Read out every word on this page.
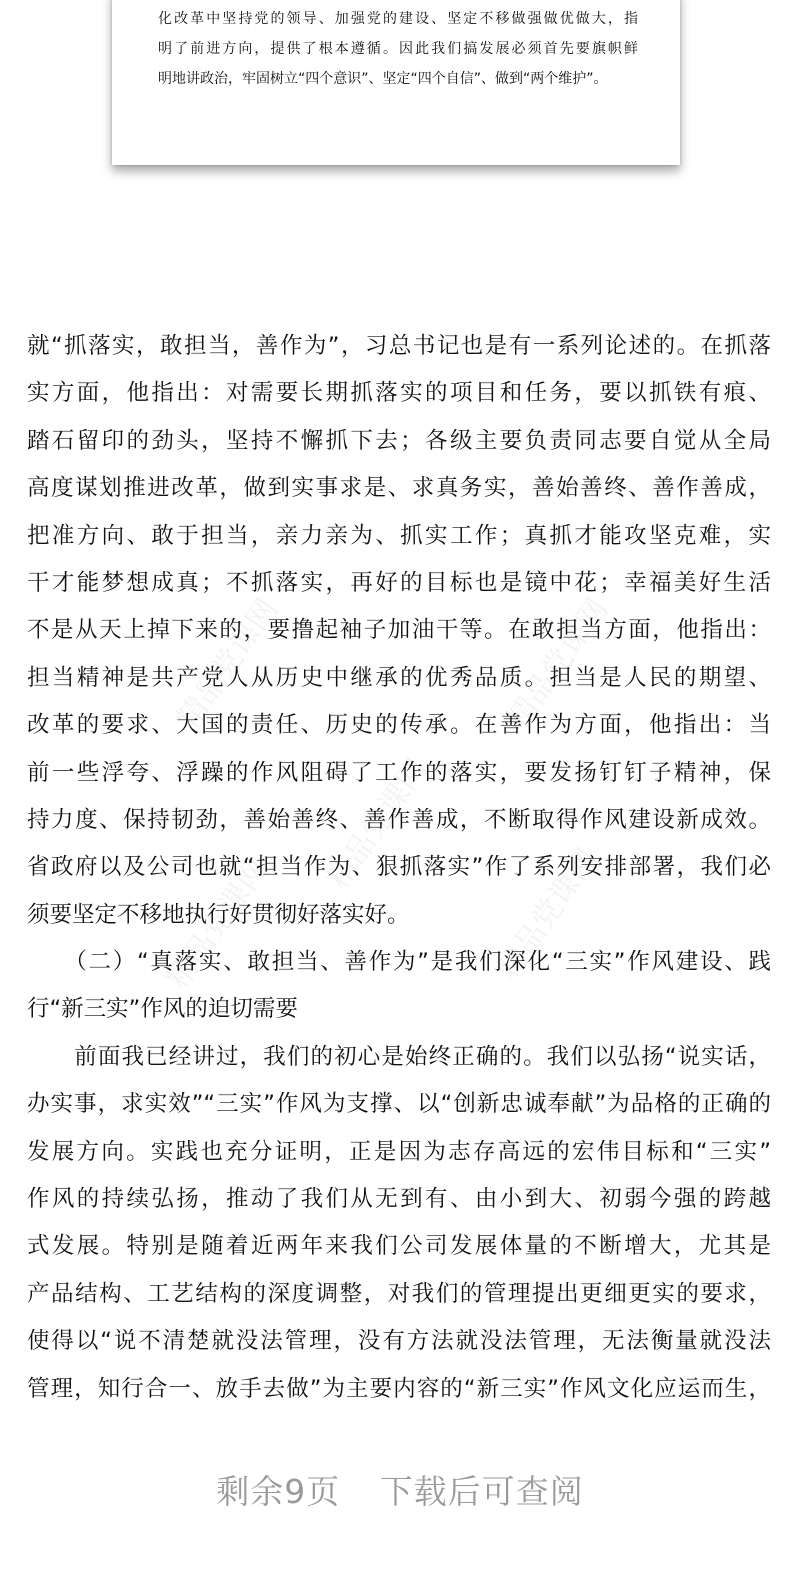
化改革中坚持党的领导、加强党的建设、坚定不移做强做优做大，指
明了前进方向，提供了根本遵循。因此我们搞发展必须首先要旗帜鲜
明地讲政治，牢固树立“四个意识”、坚定“四个自信”、做到“两个维护”。
精品党课网	精品党课网
精品党课网
精品党课网
精品党课网
就“抓落实，敢担当，善作为”，习总书记也是有一系列论述的。在抓落
实方面，他指出：对需要长期抓落实的项目和任务，要以抓铁有痕、
踏石留印的劲头，坚持不懈抓下去；各级主要负责同志要自觉从全局
高度谋划推进改革，做到实事求是、求真务实，善始善终、善作善成，
把准方向、敢于担当，亲力亲为、抓实工作；真抓才能攻坚克难，实
干才能梦想成真；不抓落实，再好的目标也是镜中花；幸福美好生活
不是从天上掉下来的，要撸起袖子加油干等。在敢担当方面，他指出：
担当精神是共产党人从历史中继承的优秀品质。担当是人民的期望、
改革的要求、大国的责任、历史的传承。在善作为方面，他指出：当
前一些浮夸、浮躁的作风阻碍了工作的落实，要发扬钉钉子精神，保
持力度、保持韧劲，善始善终、善作善成，不断取得作风建设新成效。
省政府以及公司也就“担当作为、狠抓落实”作了系列安排部署，我们必
须要坚定不移地执行好贯彻好落实好。
　　（二）“真落实、敢担当、善作为”是我们深化“三实”作风建设、践
行“新三实”作风的迫切需要
　　前面我已经讲过，我们的初心是始终正确的。我们以弘扬“说实话，
办实事，求实效”“三实”作风为支撑、以“创新忠诚奉献”为品格的正确的
发展方向。实践也充分证明，正是因为志存高远的宏伟目标和“三实”
作风的持续弘扬，推动了我们从无到有、由小到大、初弱今强的跨越
式发展。特别是随着近两年来我们公司发展体量的不断增大，尤其是
产品结构、工艺结构的深度调整，对我们的管理提出更细更实的要求，
使得以“说不清楚就没法管理，没有方法就没法管理，无法衡量就没法
管理，知行合一、放手去做”为主要内容的“新三实”作风文化应运而生，
剩余9页 下载后可查阅
